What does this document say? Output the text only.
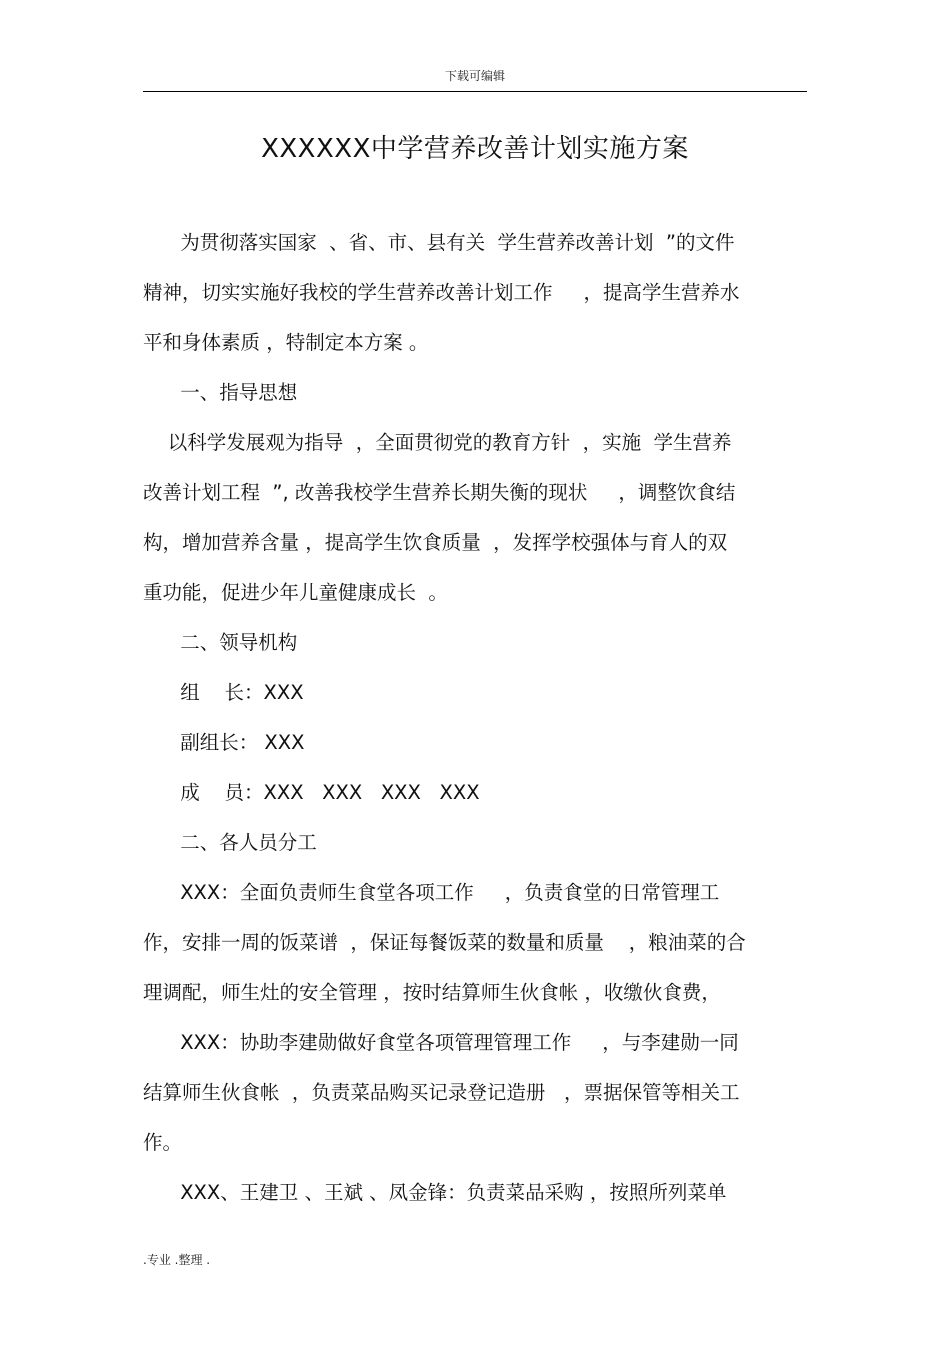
下载可编辑
XXXXXX中学营养改善计划实施方案
为贯彻落实国家  、省、市、县有关  学生营养改善计划  ”的文件
精神，切实实施好我校的学生营养改善计划工作     ，提高学生营养水
平和身体素质 ，特制定本方案 。
一、指导思想
以科学发展观为指导  ，全面贯彻党的教育方针  ，实施  学生营养
改善计划工程  ”, 改善我校学生营养长期失衡的现状     ，调整饮食结
构，增加营养含量 ，提高学生饮食质量  ，发挥学校强体与育人的双
重功能，促进少年儿童健康成长  。
二、领导机构
组    长：XXX
副组长： XXX
成    员：XXX   XXX   XXX   XXX
二、各人员分工
XXX：全面负责师生食堂各项工作     ，负责食堂的日常管理工
作，安排一周的饭菜谱  ，保证每餐饭菜的数量和质量    ，粮油菜的合
理调配，师生灶的安全管理 ，按时结算师生伙食帐 ，收缴伙食费，
XXX：协助李建勋做好食堂各项管理管理工作     ，与李建勋一同
结算师生伙食帐  ，负责菜品购买记录登记造册   ，票据保管等相关工
作。
XXX、王建卫 、王斌 、凤金锋：负责菜品采购 ，按照所列菜单
.专业 .整理 .
